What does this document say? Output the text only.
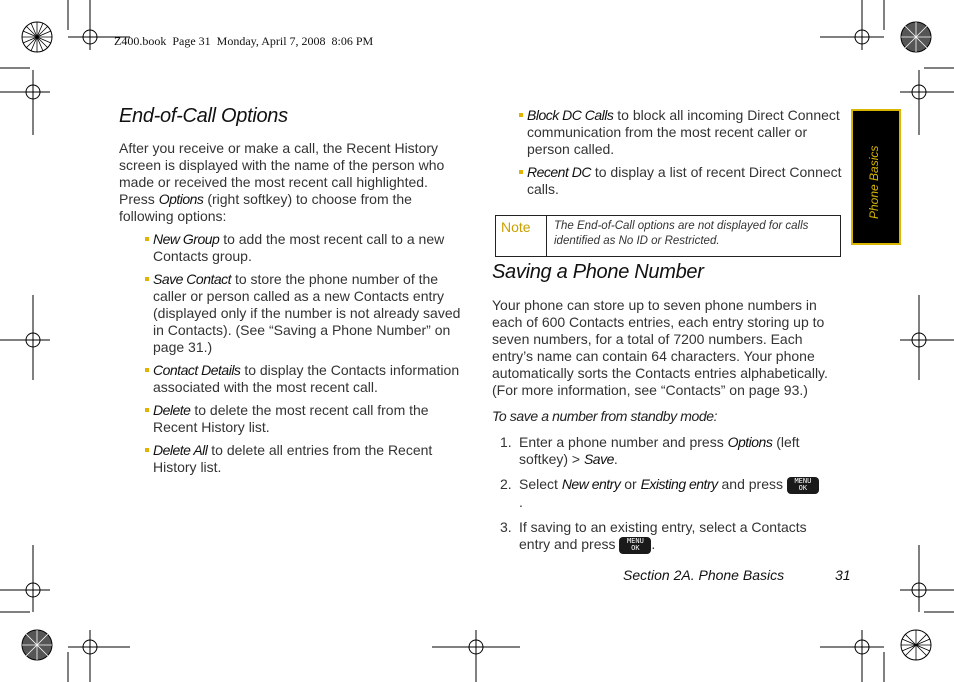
Z400.book  Page 31  Monday, April 7, 2008  8:06 PM
End-of-Call Options
After you receive or make a call, the Recent History screen is displayed with the name of the person who made or received the most recent call highlighted. Press Options (right softkey) to choose from the following options:
New Group to add the most recent call to a new Contacts group.
Save Contact to store the phone number of the caller or person called as a new Contacts entry (displayed only if the number is not already saved in Contacts). (See “Saving a Phone Number” on page 31.)
Contact Details to display the Contacts information associated with the most recent call.
Delete to delete the most recent call from the Recent History list.
Delete All to delete all entries from the Recent History list.
Block DC Calls to block all incoming Direct Connect communication from the most recent caller or person called.
Recent DC to display a list of recent Direct Connect calls.
Note The End-of-Call options are not displayed for calls identified as No ID or Restricted.
Saving a Phone Number
Your phone can store up to seven phone numbers in each of 600 Contacts entries, each entry storing up to seven numbers, for a total of 7200 numbers. Each entry’s name can contain 64 characters. Your phone automatically sorts the Contacts entries alphabetically. (For more information, see “Contacts” on page 93.)
To save a number from standby mode:
1. Enter a phone number and press Options (left softkey) > Save.
2. Select New entry or Existing entry and press MENU
OK.
3. If saving to an existing entry, select a Contacts entry and press MENU
OK .
Phone Basics
Section 2A. Phone Basics	31
